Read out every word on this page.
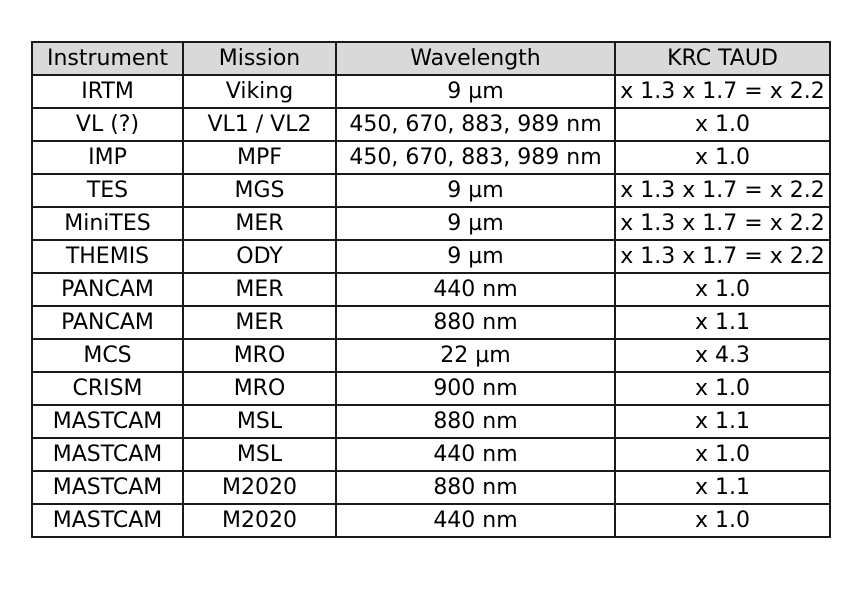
Instrument	Mission	Wavelength	KRC TAUD
IRTM	Viking	9 µm	x 1.3 x 1.7 = x 2.2
VL (?)	VL1 / VL2	450, 670, 883, 989 nm	x 1.0
IMP	MPF	450, 670, 883, 989 nm	x 1.0
TES	MGS	9 µm	x 1.3 x 1.7 = x 2.2
MiniTES	MER	9 µm	x 1.3 x 1.7 = x 2.2
THEMIS	ODY	9 µm	x 1.3 x 1.7 = x 2.2
PANCAM	MER	440 nm	x 1.0
PANCAM	MER	880 nm	x 1.1
MCS	MRO	22 µm	x 4.3
CRISM	MRO	900 nm	x 1.0
MASTCAM	MSL	880 nm	x 1.1
MASTCAM	MSL	440 nm	x 1.0
MASTCAM	M2020	880 nm	x 1.1
MASTCAM	M2020	440 nm	x 1.0
